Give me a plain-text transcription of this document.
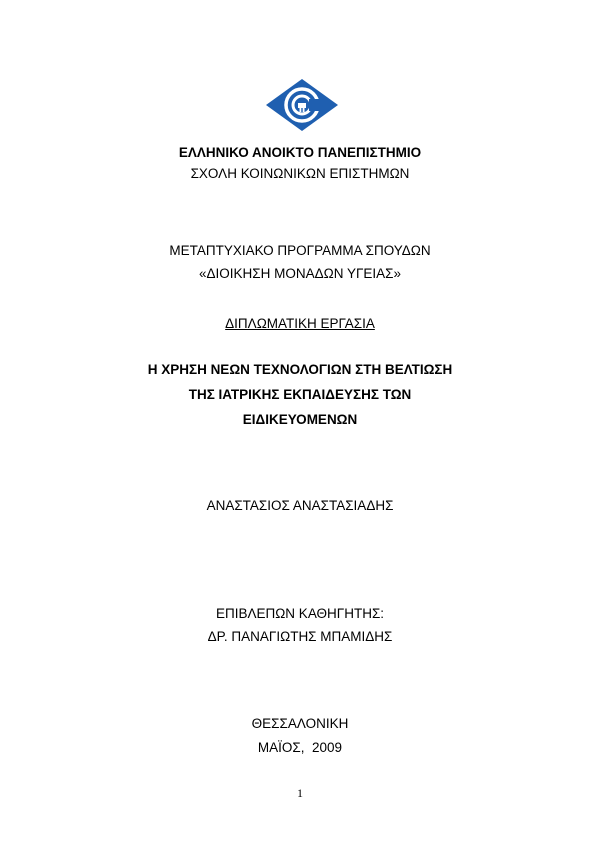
ΕΛΛΗΝΙΚΟ ΑΝΟΙΚΤΟ ΠΑΝΕΠΙΣΤΗΜΙΟ
ΣΧΟΛΗ ΚΟΙΝΩΝΙΚΩΝ ΕΠΙΣΤΗΜΩΝ
ΜΕΤΑΠΤΥΧΙΑΚΟ ΠΡΟΓΡΑΜΜΑ ΣΠΟΥΔΩΝ
«ΔΙΟΙΚΗΣΗ ΜΟΝΑΔΩΝ ΥΓΕΙΑΣ»
ΔΙΠΛΩΜΑΤΙΚΗ ΕΡΓΑΣΙΑ
Η ΧΡΗΣΗ ΝΕΩΝ ΤΕΧΝΟΛΟΓΙΩΝ ΣΤΗ ΒΕΛΤΙΩΣΗ
ΤΗΣ ΙΑΤΡΙΚΗΣ ΕΚΠΑΙΔΕΥΣΗΣ ΤΩΝ
ΕΙΔΙΚΕΥΟΜΕΝΩΝ
ΑΝΑΣΤΑΣΙΟΣ ΑΝΑΣΤΑΣΙΑΔΗΣ
ΕΠΙΒΛΕΠΩΝ ΚΑΘΗΓΗΤΗΣ:
ΔΡ. ΠΑΝΑΓΙΩΤΗΣ ΜΠΑΜΙΔΗΣ
ΘΕΣΣΑΛΟΝΙΚΗ
ΜΑΪΟΣ,  2009
1
